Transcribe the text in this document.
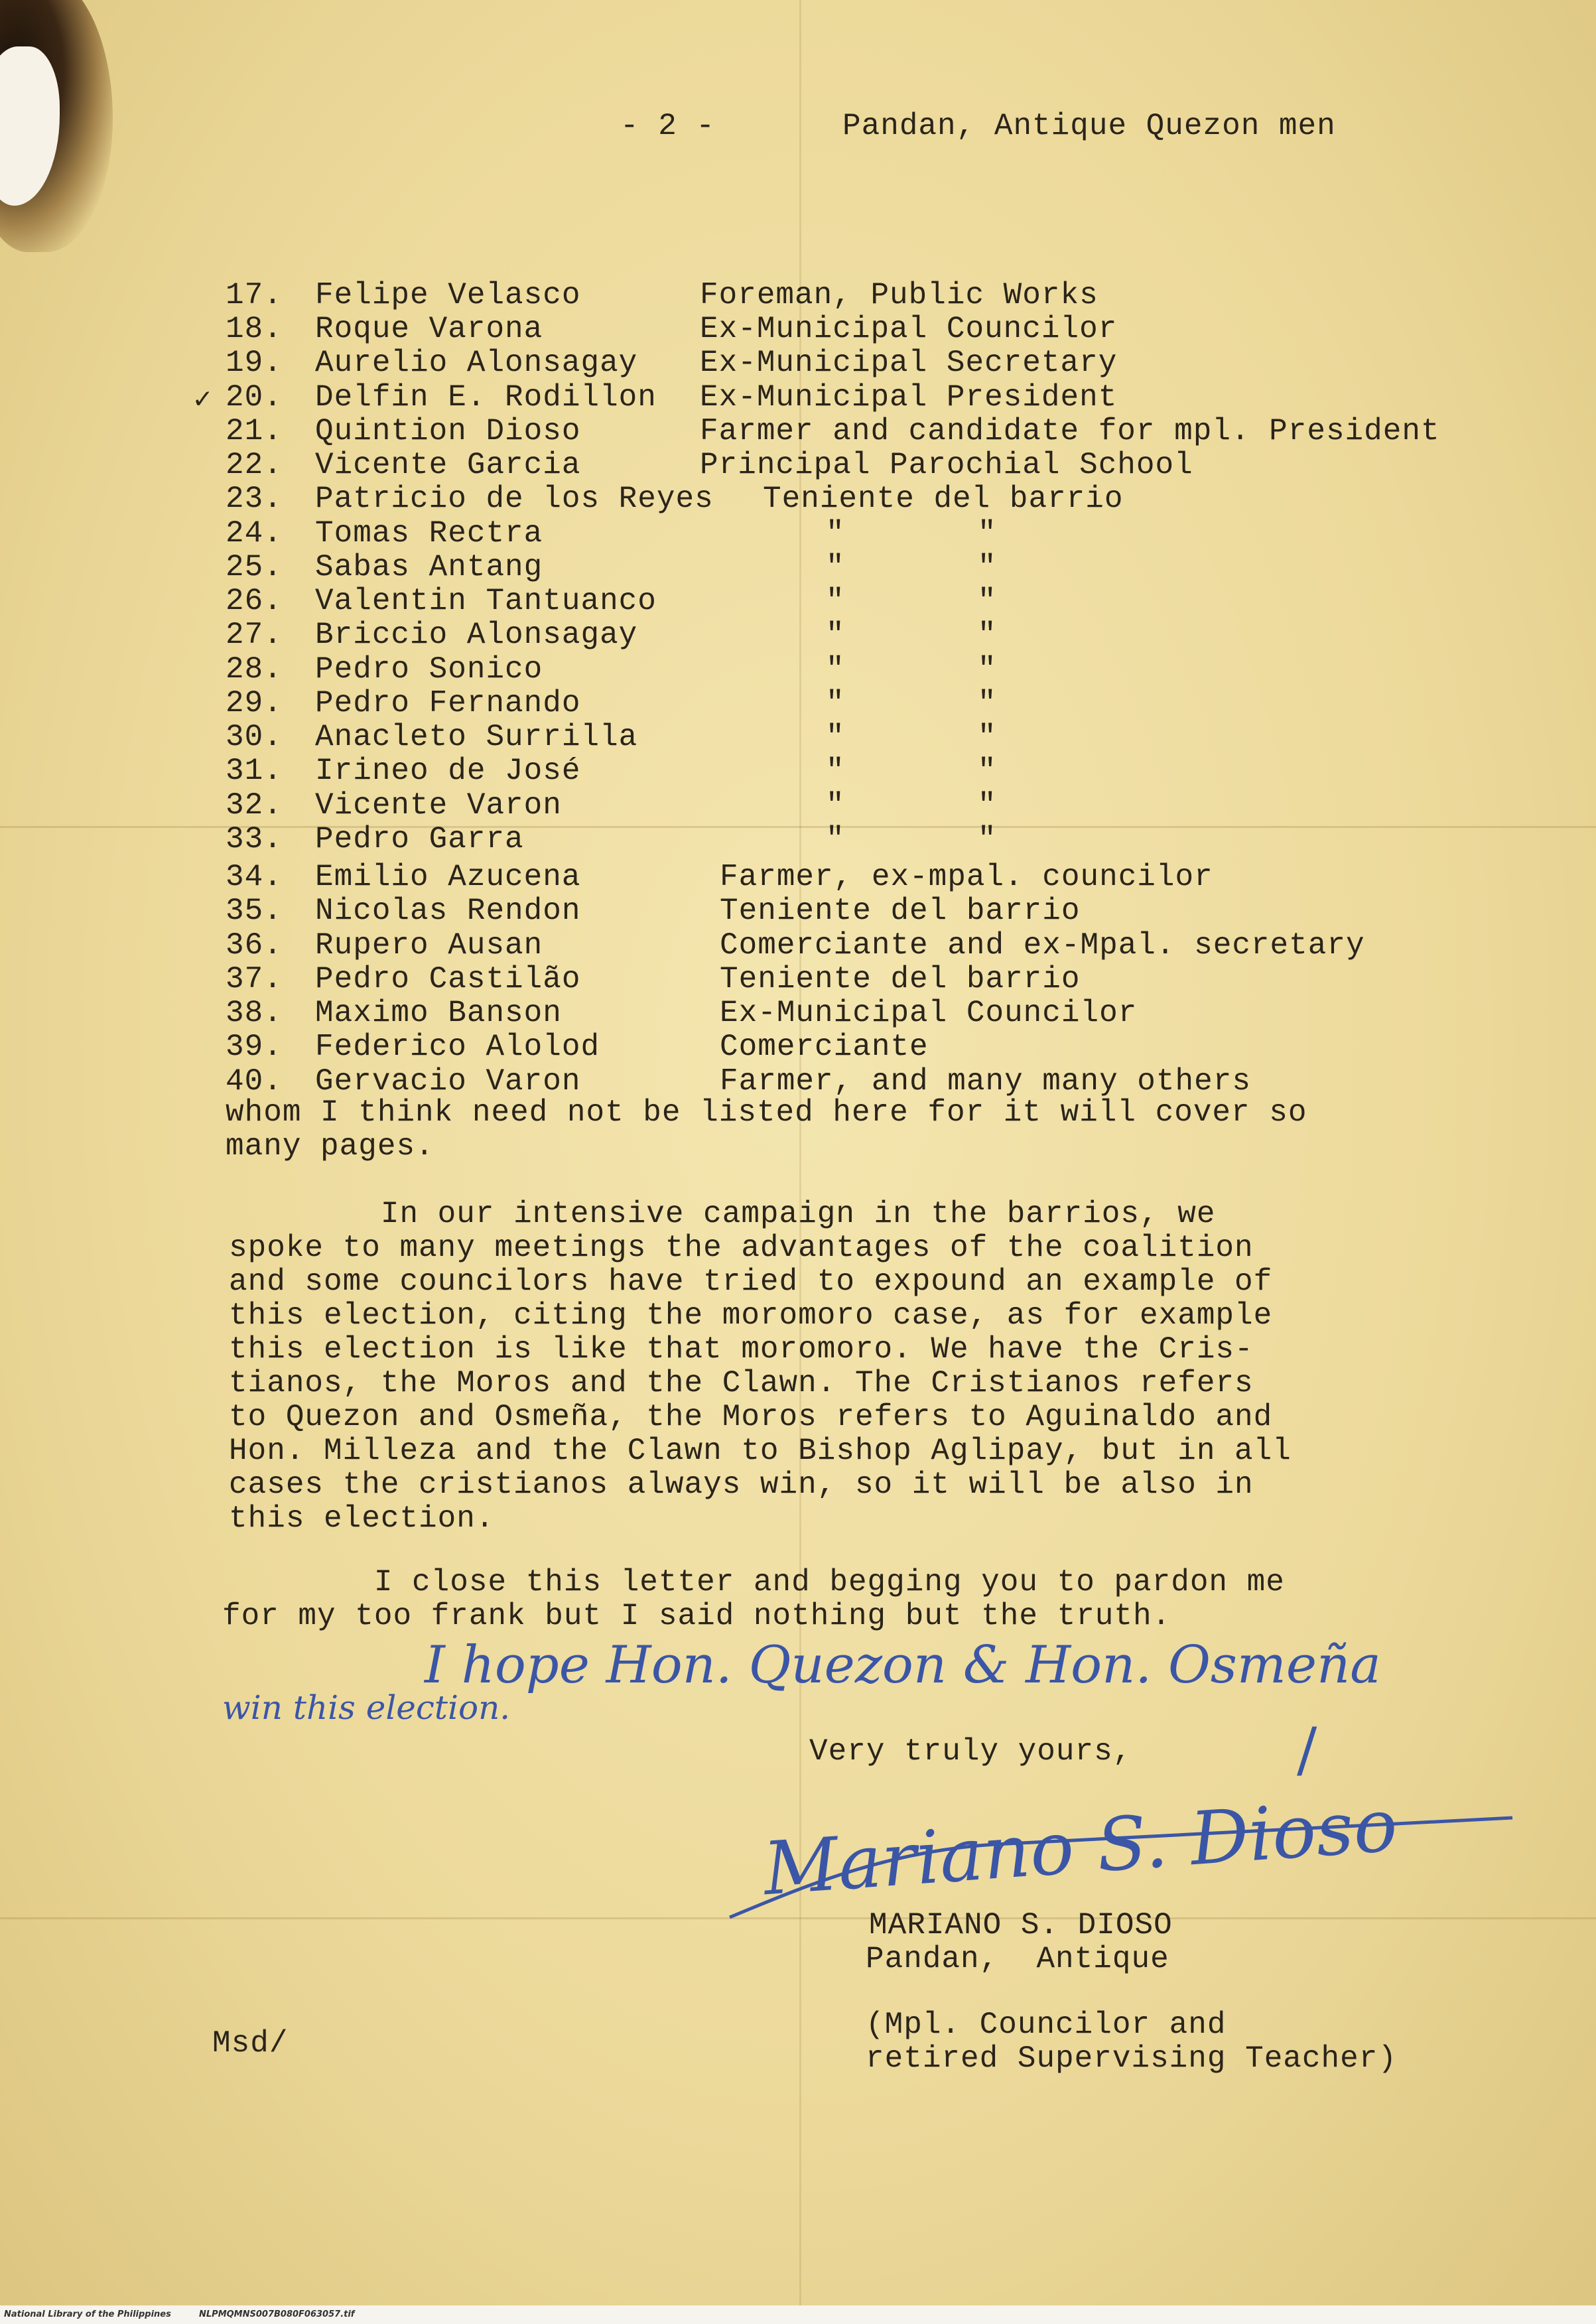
- 2 -	Pandan, Antique Quezon men
✓
17. Felipe Velasco	Foreman, Public Works
18. Roque Varona	Ex-Municipal Councilor
19. Aurelio Alonsagay Ex-Municipal Secretary
20. Delfin E. Rodillon Ex-Municipal President
21. Quintion Dioso	Farmer and candidate for mpl. President
22. Vicente Garcia	Principal Parochial School
23. Patricio de los Reyes Teniente del barrio
24. Tomas Rectra	"       "
25. Sabas Antang	"       "
26. Valentin Tantuanco	"       "
27. Briccio Alonsagay	"       "
28. Pedro Sonico	"       "
29. Pedro Fernando	"       "
30. Anacleto Surrilla	"       "
31. Irineo de José	"       "
32. Vicente Varon	"       "
33. Pedro Garra	"       "
34. Emilio Azucena	Farmer, ex-mpal. councilor
35. Nicolas Rendon	Teniente del barrio
36. Rupero Ausan	Comerciante and ex-Mpal. secretary
37. Pedro Castilão	Teniente del barrio
38. Maximo Banson	Ex-Municipal Councilor
39. Federico Alolod	Comerciante
40. Gervacio Varon	Farmer, and many many others
whom I think need not be listed here for it will cover so
many pages.
In our intensive campaign in the barrios, we
spoke to many meetings the advantages of the coalition
and some councilors have tried to expound an example of
this election, citing the moromoro case, as for example
this election is like that moromoro. We have the Cris-
tianos, the Moros and the Clawn. The Cristianos refers
to Quezon and Osmeña, the Moros refers to Aguinaldo and
Hon. Milleza and the Clawn to Bishop Aglipay, but in all
cases the cristianos always win, so it will be also in
this election.
I close this letter and begging you to pardon me
for my too frank but I said nothing but the truth.
I hope Hon. Quezon & Hon. Osmeña
win this election.
/
Very truly yours,
Mariano S. Dioso
MARIANO S. DIOSO
Pandan,  Antique
(Mpl. Councilor and
retired Supervising Teacher)
Msd/
National Library of the Philippines	NLPMQMNS007B080F063057.tif
